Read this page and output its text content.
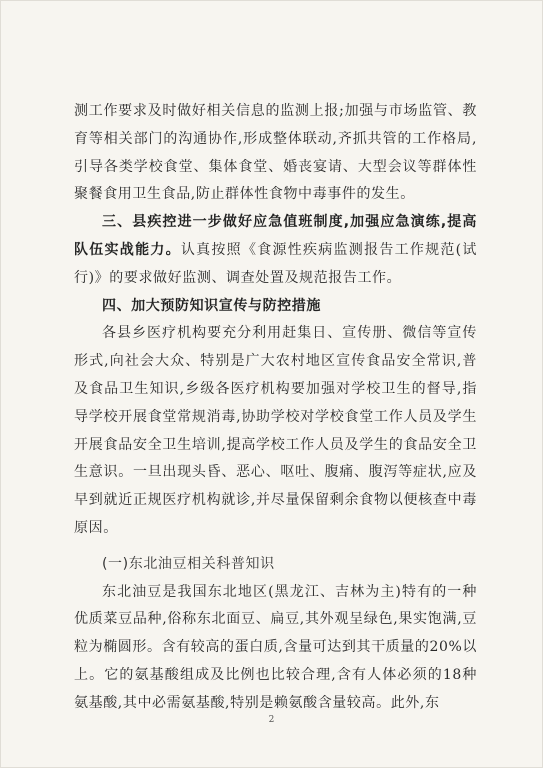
测工作要求及时做好相关信息的监测上报;加强与市场监管、教育等相关部门的沟通协作,形成整体联动,齐抓共管的工作格局,引导各类学校食堂、集体食堂、婚丧宴请、大型会议等群体性聚餐食用卫生食品,防止群体性食物中毒事件的发生。

三、县疾控进一步做好应急值班制度,加强应急演练,提高队伍实战能力。认真按照《食源性疾病监测报告工作规范(试行)》的要求做好监测、调查处置及规范报告工作。

四、加大预防知识宣传与防控措施

各县乡医疗机构要充分利用赶集日、宣传册、微信等宣传形式,向社会大众、特别是广大农村地区宣传食品安全常识,普及食品卫生知识,乡级各医疗机构要加强对学校卫生的督导,指导学校开展食堂常规消毒,协助学校对学校食堂工作人员及学生开展食品安全卫生培训,提高学校工作人员及学生的食品安全卫生意识。一旦出现头昏、恶心、呕吐、腹痛、腹泻等症状,应及早到就近正规医疗机构就诊,并尽量保留剩余食物以便核查中毒原因。

(一)东北油豆相关科普知识

东北油豆是我国东北地区(黑龙江、吉林为主)特有的一种优质菜豆品种,俗称东北面豆、扁豆,其外观呈绿色,果实饱满,豆粒为椭圆形。含有较高的蛋白质,含量可达到其干质量的20%以上。它的氨基酸组成及比例也比较合理,含有人体必须的18种氨基酸,其中必需氨基酸,特别是赖氨酸含量较高。此外,东

2
